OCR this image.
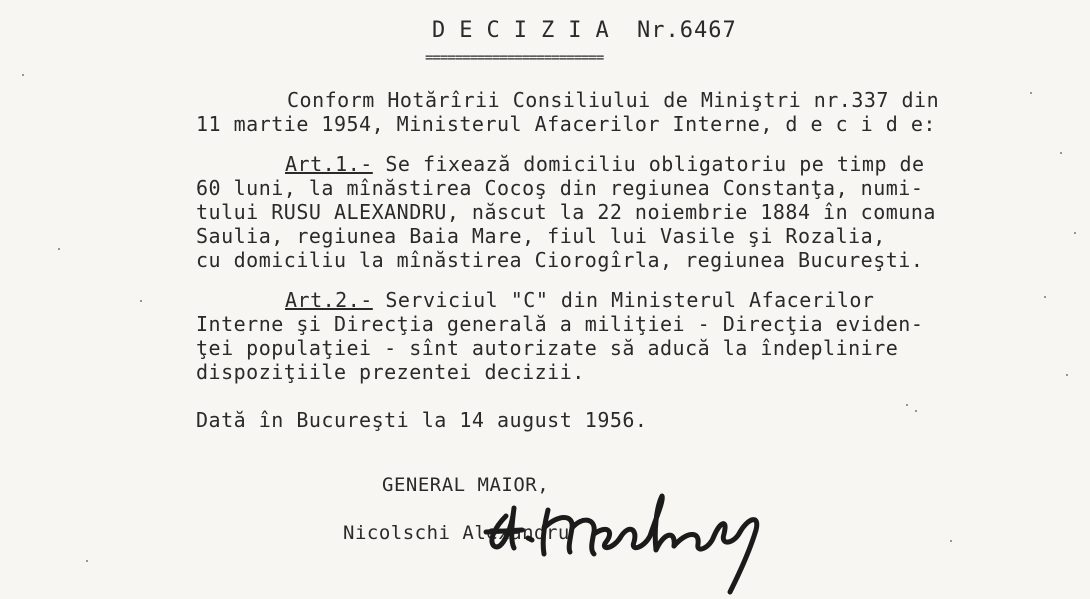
DECIZIA Nr.6467
========================
Conform Hotărîrii Consiliului de Miniştri nr.337 din
11 martie 1954, Ministerul Afacerilor Interne, d e c i d e:
Art.1.- Se fixează domiciliu obligatoriu pe timp de
60 luni, la mînăstirea Cocoş din regiunea Constanţa, numi-
tului RUSU ALEXANDRU, născut la 22 noiembrie 1884 în comuna
Saulia, regiunea Baia Mare, fiul lui Vasile şi Rozalia,
cu domiciliu la mînăstirea Ciorogîrla, regiunea Bucureşti.
Art.2.- Serviciul "C" din Ministerul Afacerilor
Interne şi Direcţia generală a miliţiei - Direcţia eviden-
ţei populaţiei - sînt autorizate să aducă la îndeplinire
dispoziţiile prezentei decizii.
Dată în Bucureşti la 14 august 1956.
GENERAL MAIOR,
Nicolschi Alexandru
